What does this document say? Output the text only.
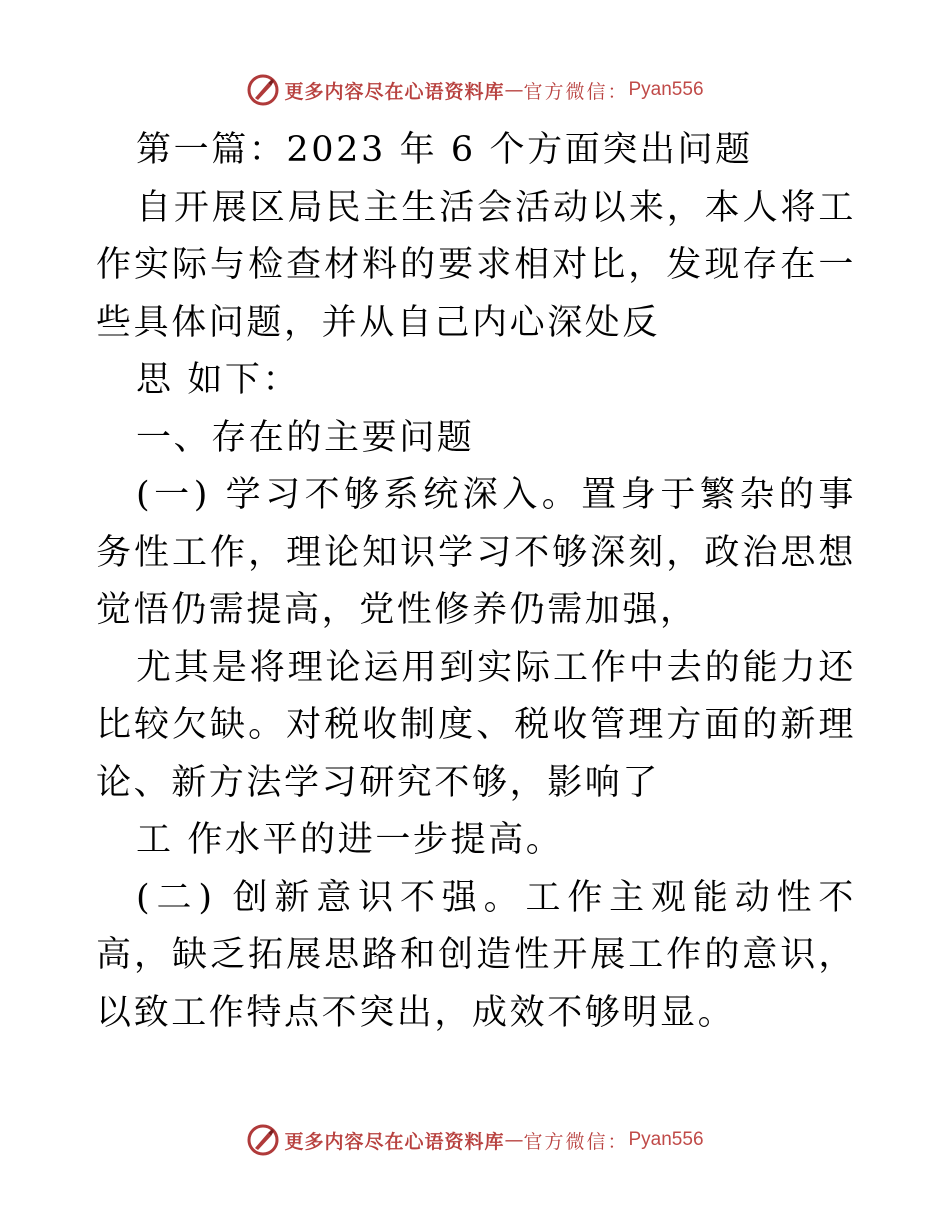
更多内容尽在心语资料库 — 官方微信： Pyan556

第一篇：2023 年 6 个方面突出问题

自开展区局民主生活会活动以来，本人将工作实际与检查材料的要求相对比，发现存在一些具体问题，并从自己内心深处反

思 如下：

一、存在的主要问题

(一) 学习不够系统深入。置身于繁杂的事务性工作，理论知识学习不够深刻，政治思想觉悟仍需提高，党性修养仍需加强，

尤其是将理论运用到实际工作中去的能力还比较欠缺。对税收制度、税收管理方面的新理论、新方法学习研究不够，影响了

工 作水平的进一步提高。

(二) 创新意识不强。工作主观能动性不高，缺乏拓展思路和创造性开展工作的意识，以致工作特点不突出，成效不够明显。

更多内容尽在心语资料库 — 官方微信： Pyan556
